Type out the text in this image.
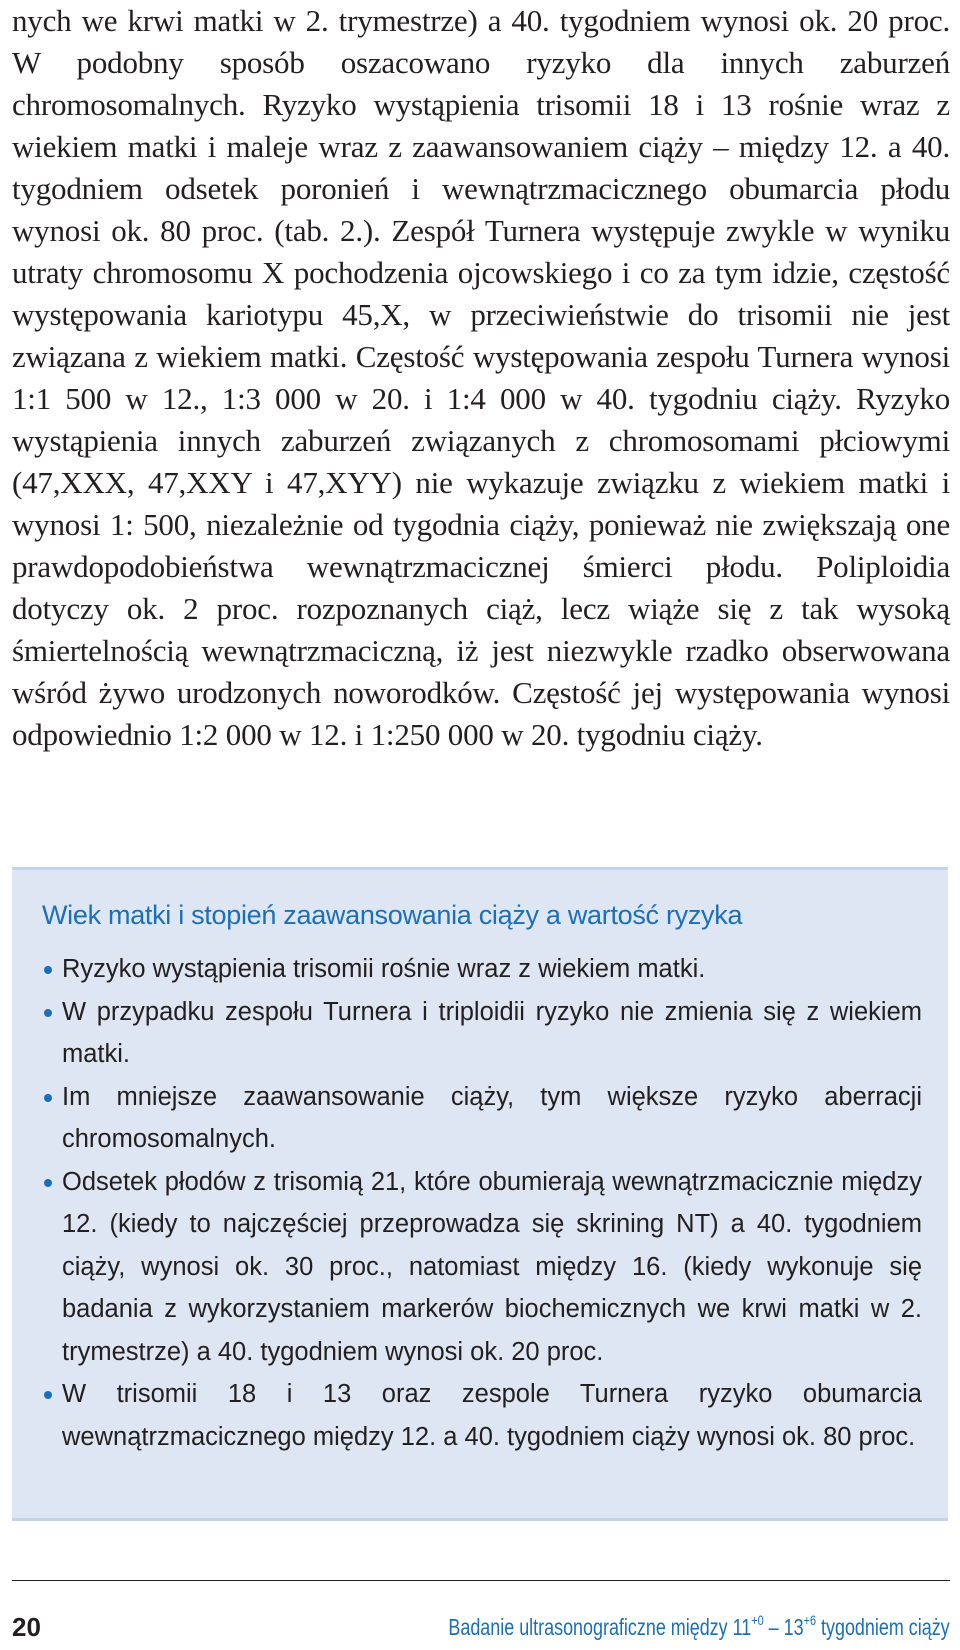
nych we krwi matki w 2. trymestrze) a 40. tygodniem wynosi ok. 20 proc. W podobny sposób oszacowano ryzyko dla innych zaburzeń chromosomalnych. Ryzyko wystąpienia trisomii 18 i 13 rośnie wraz z wiekiem matki i maleje wraz z zaawansowaniem ciąży – między 12. a 40. tygodniem odsetek poronień i wewnątrzmacicznego obumarcia płodu wynosi ok. 80 proc. (tab. 2.). Zespół Turnera występuje zwykle w wyniku utraty chromosomu X pochodzenia ojcowskiego i co za tym idzie, częstość występowania kariotypu 45,X, w przeciwieństwie do trisomii nie jest związana z wiekiem matki. Częstość występowania zespołu Turnera wynosi 1:1 500 w 12., 1:3 000 w 20. i 1:4 000 w 40. tygodniu ciąży. Ryzyko wystąpienia innych zaburzeń związanych z chromosomami płciowymi (47,XXX, 47,XXY i 47,XYY) nie wykazuje związku z wiekiem matki i wynosi 1: 500, niezależnie od tygodnia ciąży, ponieważ nie zwiększają one prawdopodobieństwa wewnątrzmacicznej śmierci płodu. Poliploidia dotyczy ok. 2 proc. rozpoznanych ciąż, lecz wiąże się z tak wysoką śmiertelnością wewnątrzmaciczną, iż jest niezwykle rzadko obserwowana wśród żywo urodzonych noworodków. Częstość jej występowania wynosi odpowiednio 1:2 000 w 12. i 1:250 000 w 20. tygodniu ciąży.

Wiek matki i stopień zaawansowania ciąży a wartość ryzyka
Ryzyko wystąpienia trisomii rośnie wraz z wiekiem matki.
W przypadku zespołu Turnera i triploidii ryzyko nie zmienia się z wiekiem matki.
Im mniejsze zaawansowanie ciąży, tym większe ryzyko aberracji chromosomalnych.
Odsetek płodów z trisomią 21, które obumierają wewnątrzmacicznie między 12. (kiedy to najczęściej przeprowadza się skrining NT) a 40. tygodniem ciąży, wynosi ok. 30 proc., natomiast między 16. (kiedy wykonuje się badania z wykorzystaniem markerów biochemicznych we krwi matki w 2. trymestrze) a 40. tygodniem wynosi ok. 20 proc.
W trisomii 18 i 13 oraz zespole Turnera ryzyko obumarcia wewnątrzmacicznego między 12. a 40. tygodniem ciąży wynosi ok. 80 proc.
20	Badanie ultrasonograficzne między $11^{+0} - 13^{+6}$ tygodniem ciąży
